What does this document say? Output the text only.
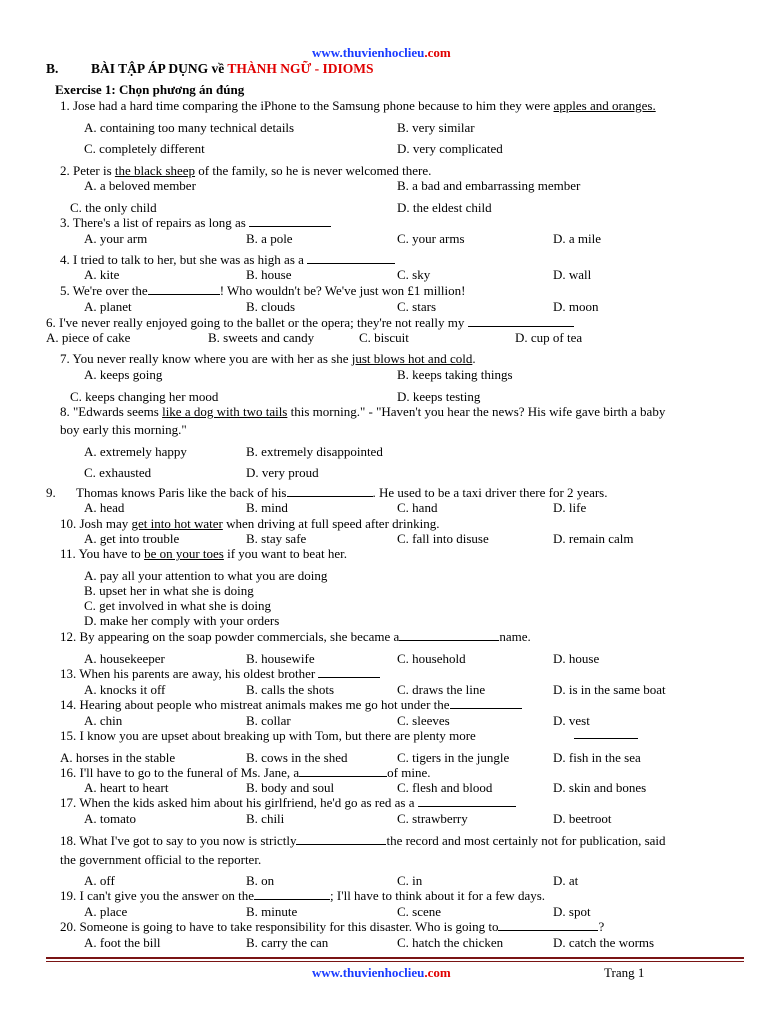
www.thuvienhoclieu.com
B. BÀI TẬP ÁP DỤNG về THÀNH NGỮ - IDIOMS
Exercise 1: Chọn phương án đúng
1. Jose had a hard time comparing the iPhone to the Samsung phone because to him they were apples and oranges.
A. containing too many technical details	B. very similar
C. completely different	D. very complicated
2. Peter is the black sheep of the family, so he is never welcomed there.
A. a beloved member	B. a bad and embarrassing member
C. the only child	D. the eldest child
3. There's a list of repairs as long as
A. your arm	B. a pole	C. your arms	D. a mile
4. I tried to talk to her, but she was as high as a
A. kite	B. house	C. sky	D. wall
5. We're over the	! Who wouldn't be? We've just won £1 million!
A. planet	B. clouds	C. stars	D. moon
6. I've never really enjoyed going to the ballet or the opera; they're not really my
A. piece of cake	B. sweets and candy	C. biscuit	D. cup of tea
7. You never really know where you are with her as she just blows hot and cold.
A. keeps going	B. keeps taking things
C. keeps changing her mood	D. keeps testing
8. "Edwards seems like a dog with two tails this morning." - "Haven't you hear the news? His wife gave birth a baby
boy early this morning."
A. extremely happy	B. extremely disappointed
C. exhausted	D. very proud
9. Thomas knows Paris like the back of his	. He used to be a taxi driver there for 2 years.
A. head	B. mind	C. hand	D. life
10. Josh may get into hot water when driving at full speed after drinking.
A. get into trouble	B. stay safe	C. fall into disuse	D. remain calm
11. You have to be on your toes if you want to beat her.
A. pay all your attention to what you are doing
B. upset her in what she is doing
C. get involved in what she is doing
D. make her comply with your orders
12. By appearing on the soap powder commercials, she became a	name.
A. housekeeper	B. housewife	C. household	D. house
13. When his parents are away, his oldest brother
A. knocks it off	B. calls the shots	C. draws the line	D. is in the same boat
14. Hearing about people who mistreat animals makes me go hot under the
A. chin	B. collar	C. sleeves	D. vest
15. I know you are upset about breaking up with Tom, but there are plenty more
A. horses in the stable	B. cows in the shed	C. tigers in the jungle	D. fish in the sea
16. I'll have to go to the funeral of Ms. Jane, a	of mine.
A. heart to heart	B. body and soul	C. flesh and blood	D. skin and bones
17. When the kids asked him about his girlfriend, he'd go as red as a
A. tomato	B. chili	C. strawberry	D. beetroot
18. What I've got to say to you now is strictly	the record and most certainly not for publication, said
the government official to the reporter.
A. off	B. on	C. in	D. at
19. I can't give you the answer on the	; I'll have to think about it for a few days.
A. place	B. minute	C. scene	D. spot
20. Someone is going to have to take responsibility for this disaster. Who is going to	?
A. foot the bill	B. carry the can	C. hatch the chicken	D. catch the worms
www.thuvienhoclieu.com	Trang 1
